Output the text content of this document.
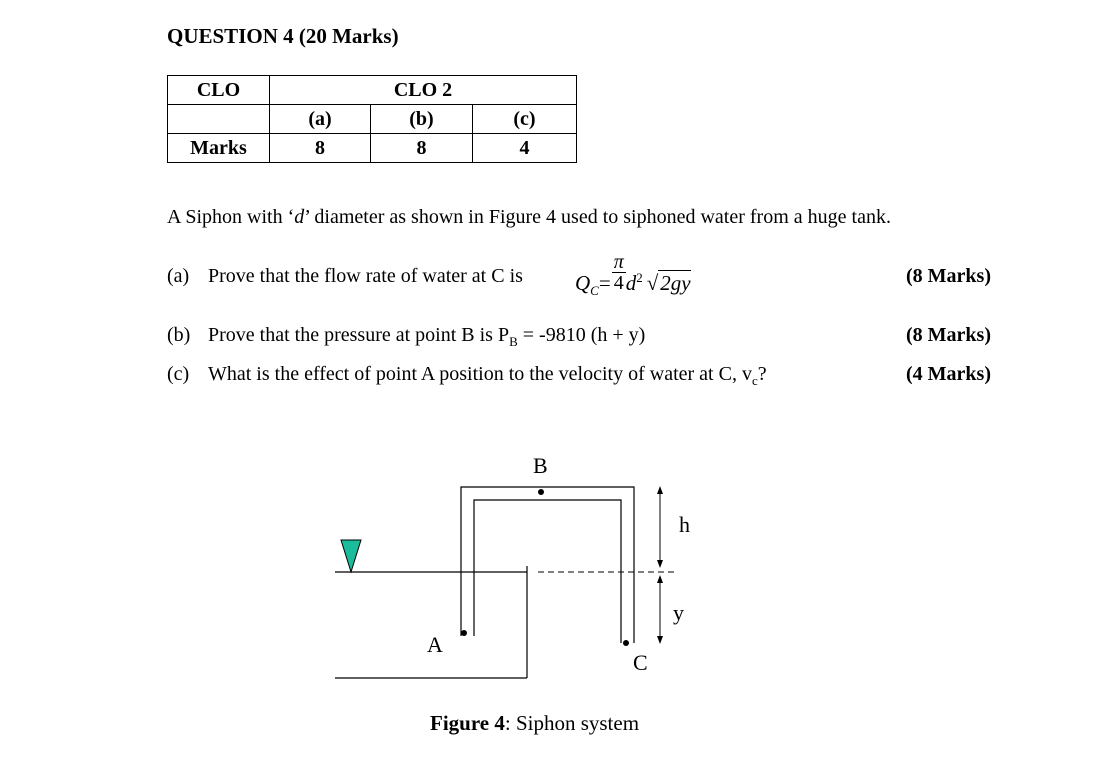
QUESTION 4 (20 Marks)
CLO	CLO 2		
	(a)	(b)	(c)
Marks	8	8	4
A Siphon with ‘d’ diameter as shown in Figure 4 used to siphoned water from a huge tank.
(a) Prove that the flow rate of water at C is $Q_C= \frac{\pi}{4} d^2$ √2gy	(8 Marks)
(b) Prove that the pressure at point B is $P_B = -9810$ (h + y)	(8 Marks)
(c) What is the effect of point A position to the velocity of water at C, $v_c$?	(4 Marks)
B
A
C
h
y
Figure 4: Siphon system
